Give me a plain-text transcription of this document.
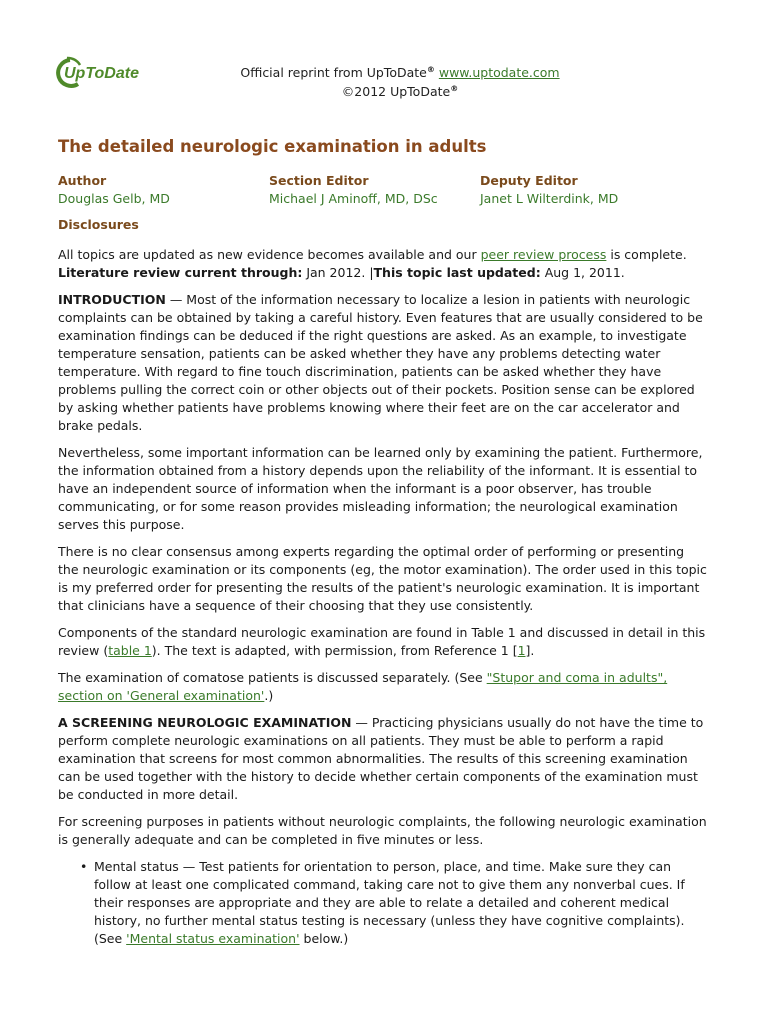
UpToDate	Official reprint from UpToDate® www.uptodate.com
©2012 UpToDate®
The detailed neurologic examination in adults
Author
Douglas Gelb, MD
Section Editor
Michael J Aminoff, MD, DSc
Deputy Editor
Janet L Wilterdink, MD
Disclosures

All topics are updated as new evidence becomes available and our peer review process is complete.
Literature review current through: Jan 2012. |This topic last updated: Aug 1, 2011.

INTRODUCTION — Most of the information necessary to localize a lesion in patients with neurologic complaints can be obtained by taking a careful history. Even features that are usually considered to be examination findings can be deduced if the right questions are asked. As an example, to investigate temperature sensation, patients can be asked whether they have any problems detecting water temperature. With regard to fine touch discrimination, patients can be asked whether they have problems pulling the correct coin or other objects out of their pockets. Position sense can be explored by asking whether patients have problems knowing where their feet are on the car accelerator and brake pedals.

Nevertheless, some important information can be learned only by examining the patient. Furthermore, the information obtained from a history depends upon the reliability of the informant. It is essential to have an independent source of information when the informant is a poor observer, has trouble communicating, or for some reason provides misleading information; the neurological examination serves this purpose.

There is no clear consensus among experts regarding the optimal order of performing or presenting the neurologic examination or its components (eg, the motor examination). The order used in this topic is my preferred order for presenting the results of the patient's neurologic examination. It is important that clinicians have a sequence of their choosing that they use consistently.

Components of the standard neurologic examination are found in Table 1 and discussed in detail in this review (table 1). The text is adapted, with permission, from Reference 1 [1].

The examination of comatose patients is discussed separately. (See "Stupor and coma in adults", section on 'General examination'.)

A SCREENING NEUROLOGIC EXAMINATION — Practicing physicians usually do not have the time to perform complete neurologic examinations on all patients. They must be able to perform a rapid examination that screens for most common abnormalities. The results of this screening examination can be used together with the history to decide whether certain components of the examination must be conducted in more detail.

For screening purposes in patients without neurologic complaints, the following neurologic examination is generally adequate and can be completed in five minutes or less.

• Mental status — Test patients for orientation to person, place, and time. Make sure they can follow at least one complicated command, taking care not to give them any nonverbal cues. If their responses are appropriate and they are able to relate a detailed and coherent medical history, no further mental status testing is necessary (unless they have cognitive complaints). (See 'Mental status examination' below.)
